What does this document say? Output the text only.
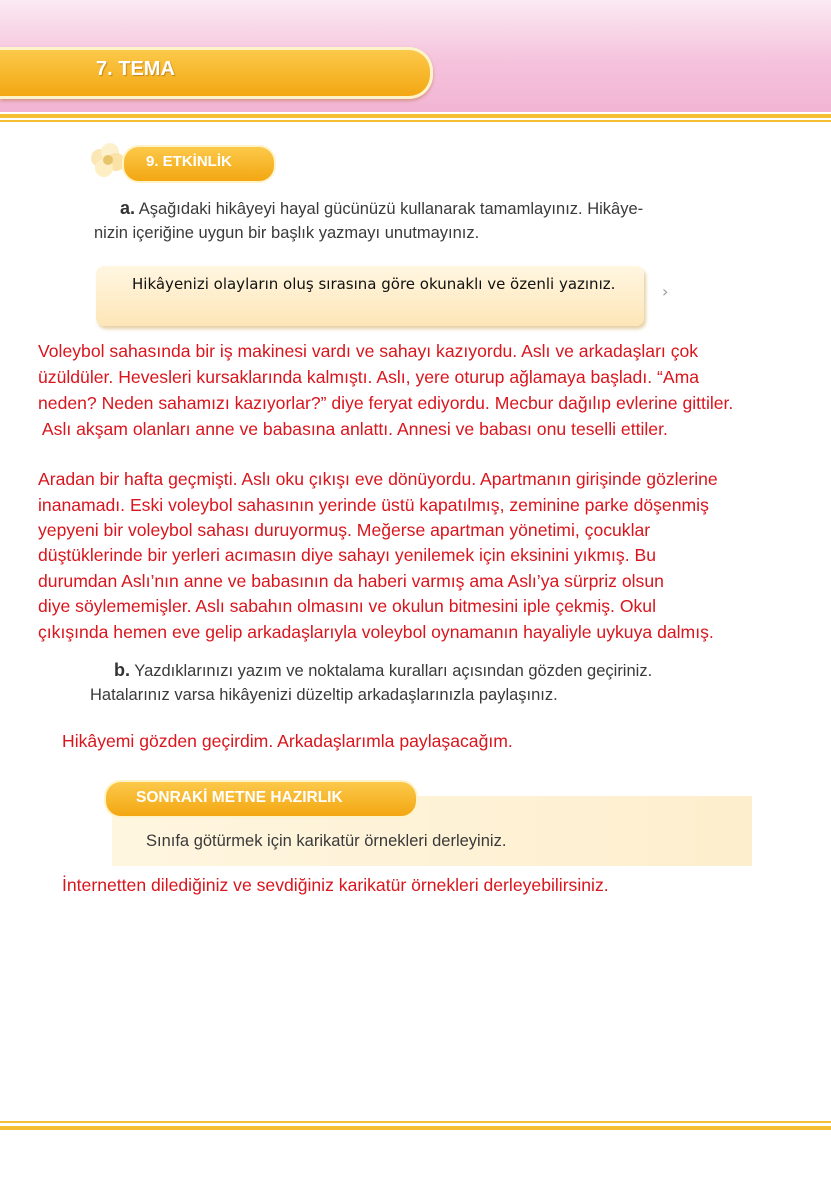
7. TEMA
9. ETKİNLİK

a. Aşağıdaki hikâyeyi hayal gücünüzü kullanarak tamamlayınız. Hikâye-

nizin içeriğine uygun bir başlık yazmayı unutmayınız.

Hikâyenizi olayların oluş sırasına göre okunaklı ve özenli yazınız.	›

Voleybol sahasında bir iş makinesi vardı ve sahayı kazıyordu. Aslı ve arkadaşları çok

üzüldüler. Hevesleri kursaklarında kalmıştı. Aslı, yere oturup ağlamaya başladı. “Ama

neden? Neden sahamızı kazıyorlar?” diye feryat ediyordu. Mecbur dağılıp evlerine gittiler.

Aslı akşam olanları anne ve babasına anlattı. Annesi ve babası onu teselli ettiler.

Aradan bir hafta geçmişti. Aslı oku çıkışı eve dönüyordu. Apartmanın girişinde gözlerine

inanamadı. Eski voleybol sahasının yerinde üstü kapatılmış, zeminine parke döşenmiş

yepyeni bir voleybol sahası duruyormuş. Meğerse apartman yönetimi, çocuklar

düştüklerinde bir yerleri acımasın diye sahayı yenilemek için eksinini yıkmış. Bu

durumdan Aslı’nın anne ve babasının da haberi varmış ama Aslı’ya sürpriz olsun

diye söylememişler. Aslı sabahın olmasını ve okulun bitmesini iple çekmiş. Okul

çıkışında hemen eve gelip arkadaşlarıyla voleybol oynamanın hayaliyle uykuya dalmış.

b. Yazdıklarınızı yazım ve noktalama kuralları açısından gözden geçiriniz.

Hatalarınız varsa hikâyenizi düzeltip arkadaşlarınızla paylaşınız.

Hikâyemi gözden geçirdim. Arkadaşlarımla paylaşacağım.

SONRAKİ METNE HAZIRLIK

Sınıfa götürmek için karikatür örnekleri derleyiniz.

İnternetten dilediğiniz ve sevdiğiniz karikatür örnekleri derleyebilirsiniz.
